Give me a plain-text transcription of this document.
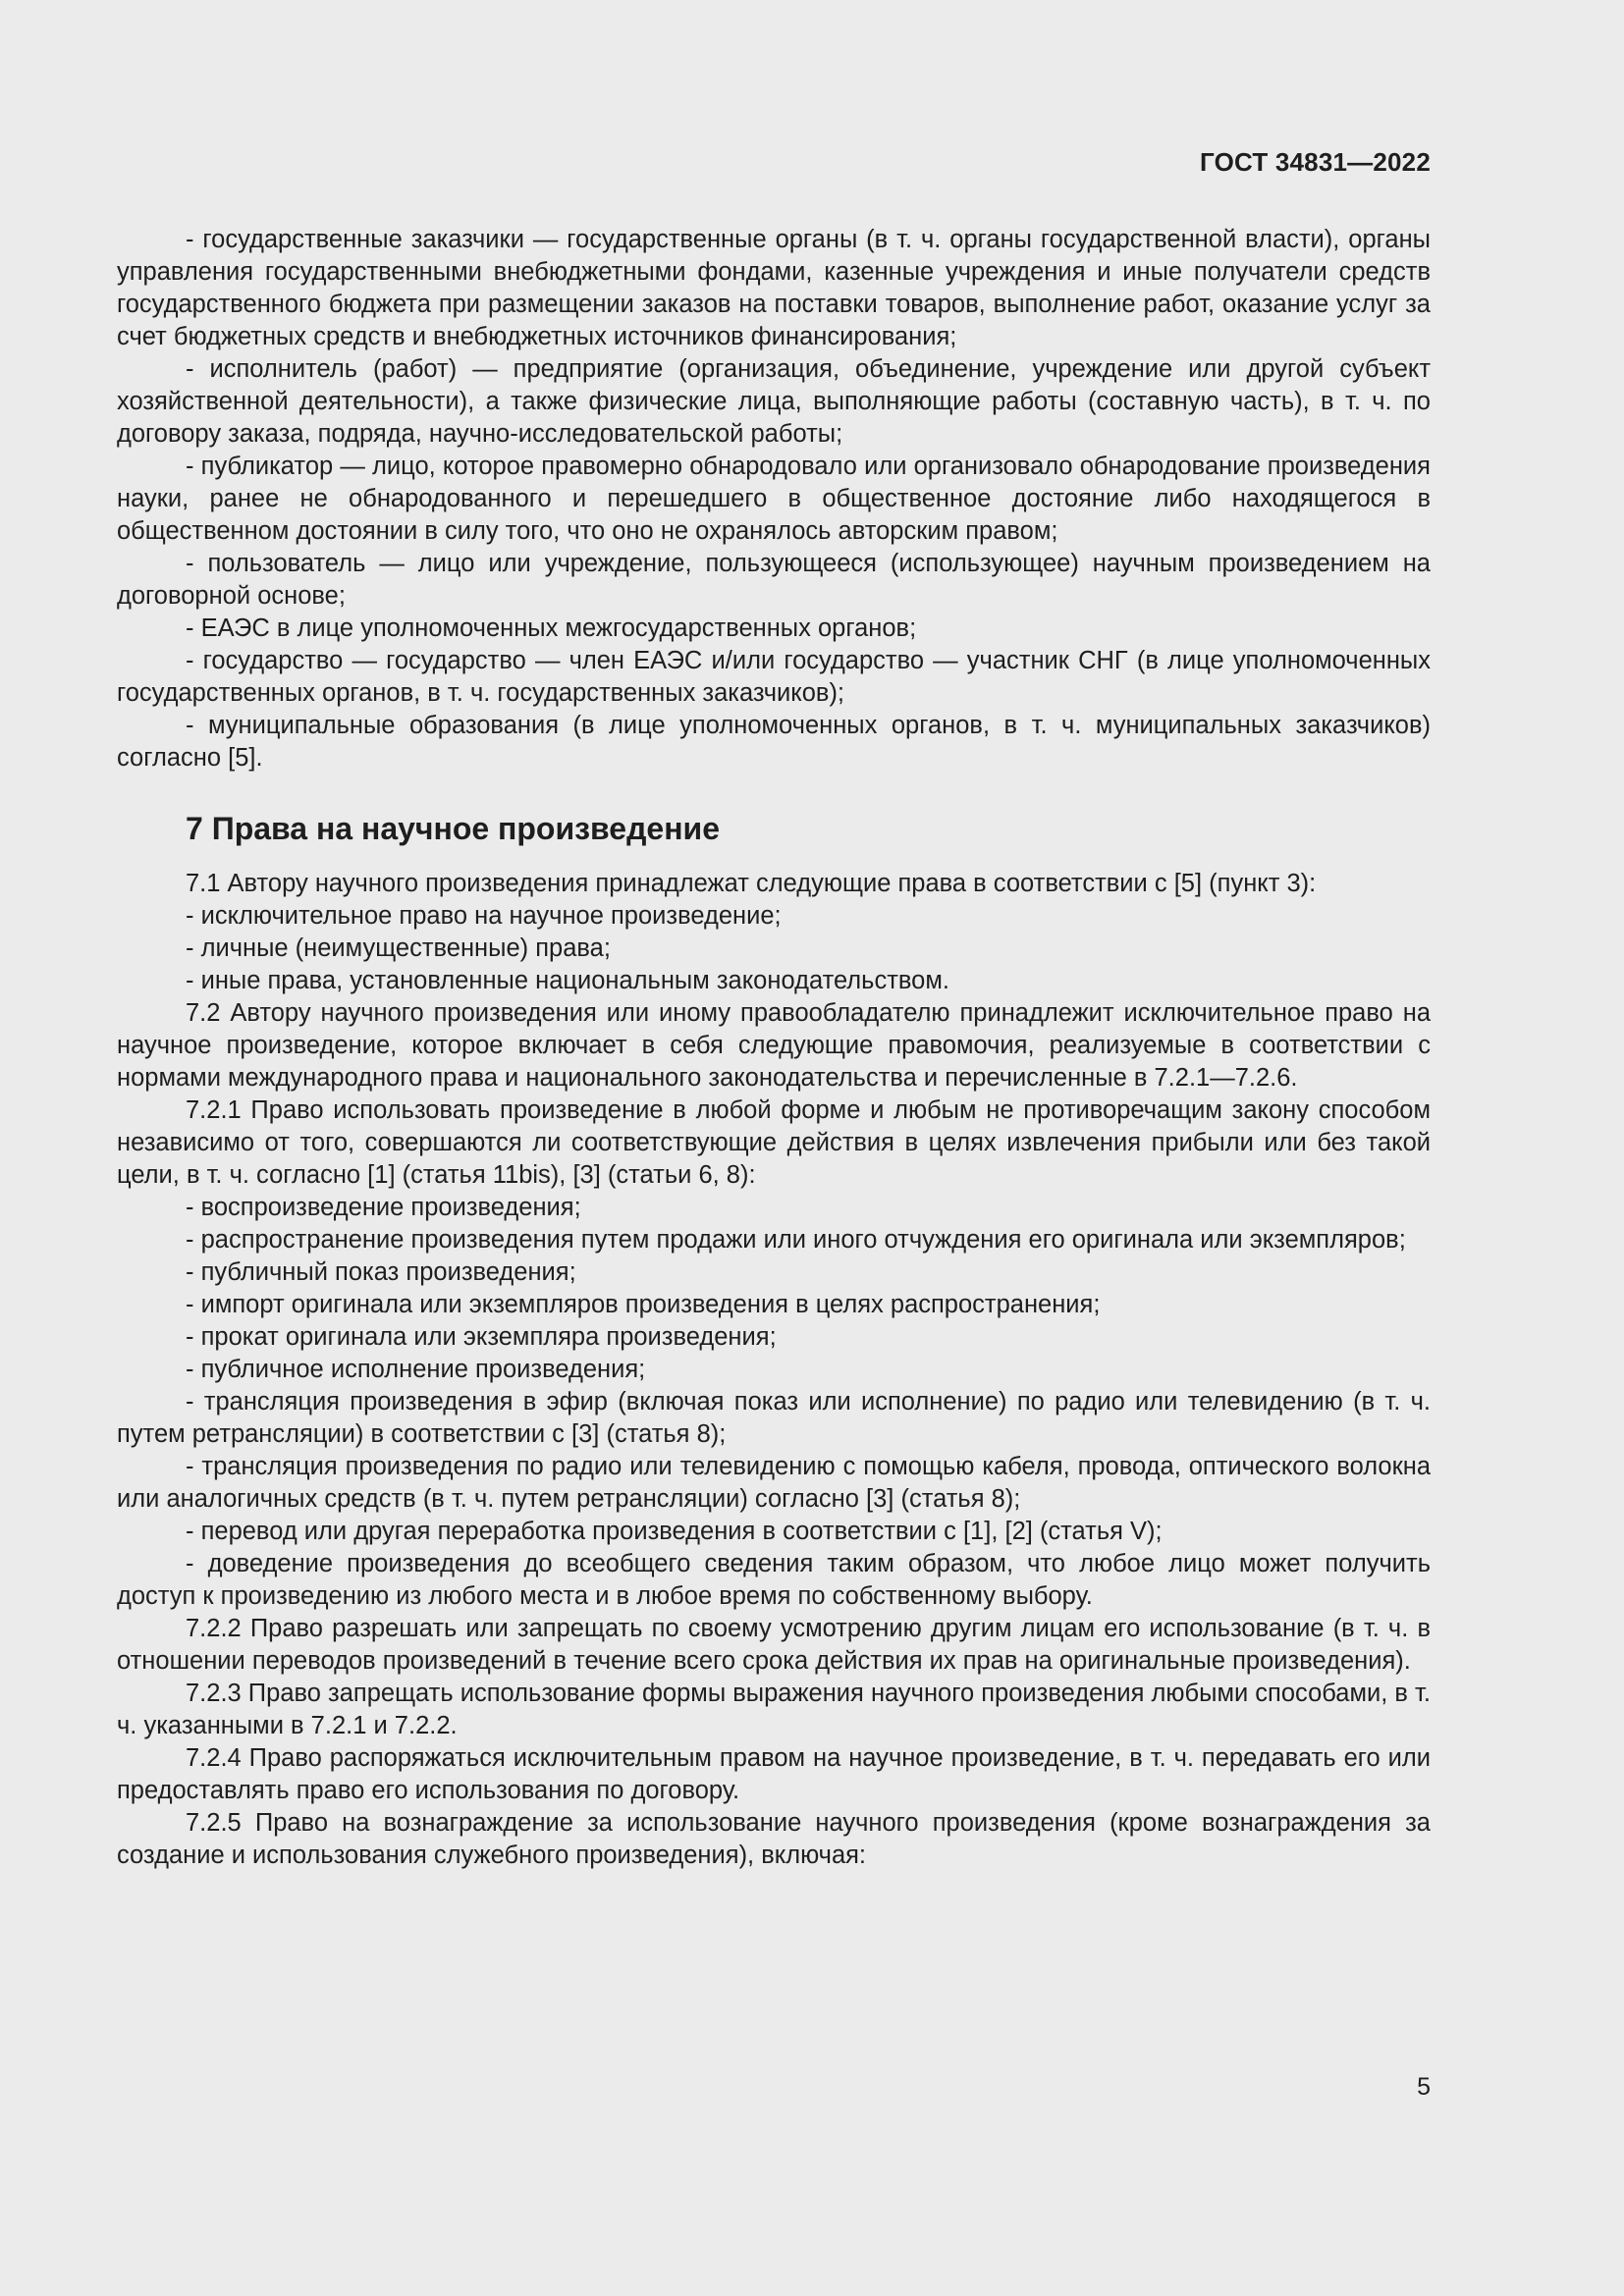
ГОСТ 34831—2022

- государственные заказчики — государственные органы (в т. ч. органы государственной власти), органы управления государственными внебюджетными фондами, казенные учреждения и иные получатели средств государственного бюджета при размещении заказов на поставки товаров, выполнение работ, оказание услуг за счет бюджетных средств и внебюджетных источников финансирования;

- исполнитель (работ) — предприятие (организация, объединение, учреждение или другой субъект хозяйственной деятельности), а также физические лица, выполняющие работы (составную часть), в т. ч. по договору заказа, подряда, научно-исследовательской работы;

- публикатор — лицо, которое правомерно обнародовало или организовало обнародование произведения науки, ранее не обнародованного и перешедшего в общественное достояние либо находящегося в общественном достоянии в силу того, что оно не охранялось авторским правом;

- пользователь — лицо или учреждение, пользующееся (использующее) научным произведением на договорной основе;

- ЕАЭС в лице уполномоченных межгосударственных органов;

- государство — государство — член ЕАЭС и/или государство — участник СНГ (в лице уполномоченных государственных органов, в т. ч. государственных заказчиков);

- муниципальные образования (в лице уполномоченных органов, в т. ч. муниципальных заказчиков) согласно [5].

7 Права на научное произведение

7.1 Автору научного произведения принадлежат следующие права в соответствии с [5] (пункт 3):

- исключительное право на научное произведение;

- личные (неимущественные) права;

- иные права, установленные национальным законодательством.

7.2 Автору научного произведения или иному правообладателю принадлежит исключительное право на научное произведение, которое включает в себя следующие правомочия, реализуемые в соответствии с нормами международного права и национального законодательства и перечисленные в 7.2.1—7.2.6.

7.2.1 Право использовать произведение в любой форме и любым не противоречащим закону способом независимо от того, совершаются ли соответствующие действия в целях извлечения прибыли или без такой цели, в т. ч. согласно [1] (статья 11bis), [3] (статьи 6, 8):

- воспроизведение произведения;

- распространение произведения путем продажи или иного отчуждения его оригинала или экземпляров;

- публичный показ произведения;

- импорт оригинала или экземпляров произведения в целях распространения;

- прокат оригинала или экземпляра произведения;

- публичное исполнение произведения;

- трансляция произведения в эфир (включая показ или исполнение) по радио или телевидению (в т. ч. путем ретрансляции) в соответствии с [3] (статья 8);

- трансляция произведения по радио или телевидению с помощью кабеля, провода, оптического волокна или аналогичных средств (в т. ч. путем ретрансляции) согласно [3] (статья 8);

- перевод или другая переработка произведения в соответствии с [1], [2] (статья V);

- доведение произведения до всеобщего сведения таким образом, что любое лицо может получить доступ к произведению из любого места и в любое время по собственному выбору.

7.2.2 Право разрешать или запрещать по своему усмотрению другим лицам его использование (в т. ч. в отношении переводов произведений в течение всего срока действия их прав на оригинальные произведения).

7.2.3 Право запрещать использование формы выражения научного произведения любыми способами, в т. ч. указанными в 7.2.1 и 7.2.2.

7.2.4 Право распоряжаться исключительным правом на научное произведение, в т. ч. передавать его или предоставлять право его использования по договору.

7.2.5 Право на вознаграждение за использование научного произведения (кроме вознаграждения за создание и использования служебного произведения), включая:

5
